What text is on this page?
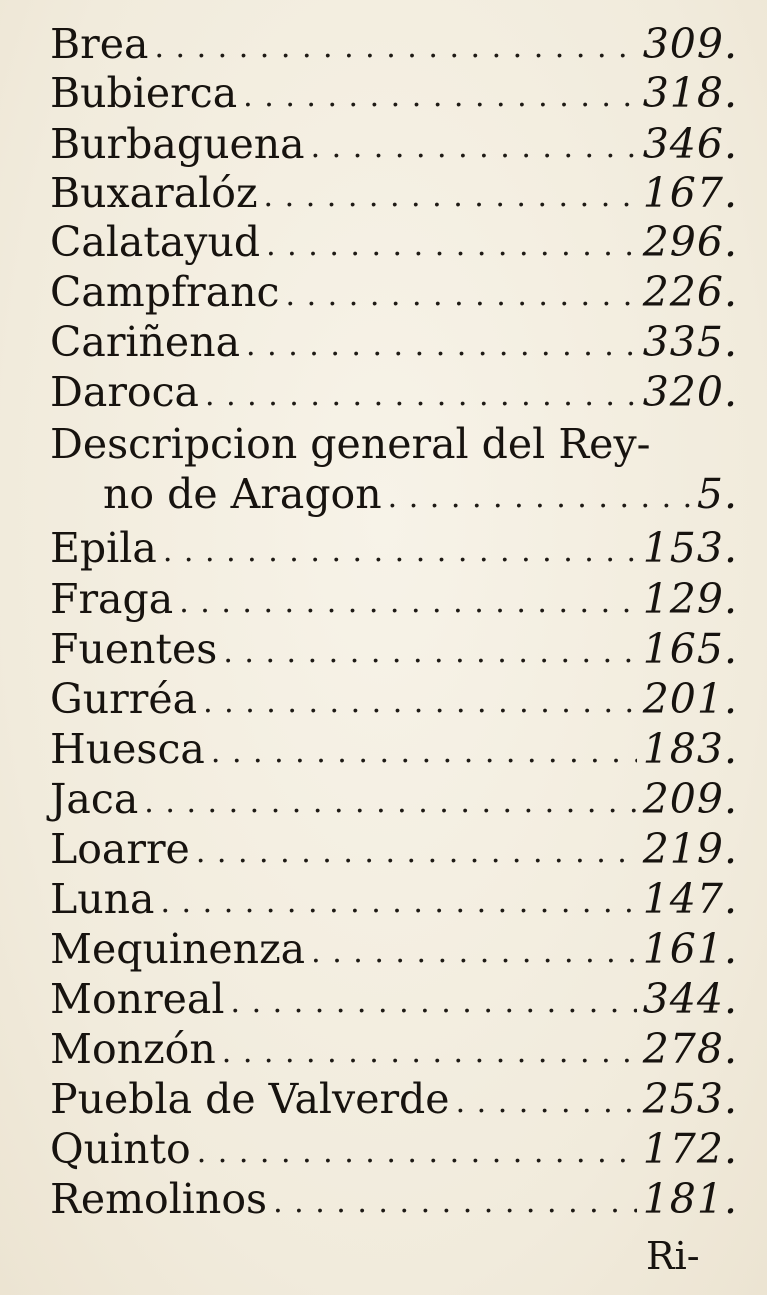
Brea . . .	309.
Bubierca . . .	318.
Burbaguena . . .	346.
Buxaralóz . . .	167.
Calatayud . . .	296.
Campfranc . . .	226.
Cariñena . . .	335.
Daroca . . .	320.
Descripcion general del Rey-
no de Aragon . . .	5.
Epila . . .	153.
Fraga . . .	129.
Fuentes . . .	165.
Gurréa . . .	201.
Huesca . . .	183.
Jaca . . .	209.
Loarre . . .	219.
Luna . . .	147.
Mequinenza . . .	161.
Monreal . . .	344.
Monzón . . .	278.
Puebla de Valverde . . .	253.
Quinto . . .	172.
Remolinos . . .	181.
Ri-
